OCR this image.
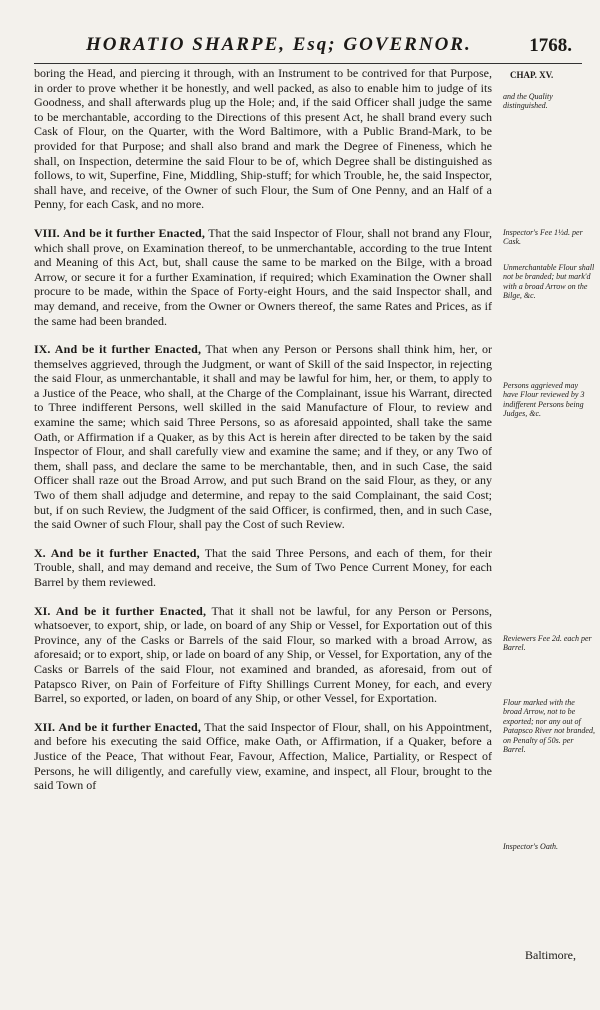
HORATIO SHARPE, Esq; GOVERNOR.	1768.
CHAP. XV.

boring the Head, and piercing it through, with an Instrument to be contrived for that Purpose, in order to prove whether it be honestly, and well packed, as also to enable him to judge of its Goodness, and shall afterwards plug up the Hole; and, if the said Officer shall judge the same to be merchantable, according to the Directions of this present Act, he shall brand every such Cask of Flour, on the Quarter, with the Word Baltimore, with a Public Brand-Mark, to be provided for that Purpose; and shall also brand and mark the Degree of Fineness, which he shall, on Inspection, determine the said Flour to be of, which Degree shall be distinguished as follows, to wit, Superfine, Fine, Middling, Ship-stuff; for which Trouble, he, the said Inspector, shall have, and receive, of the Owner of such Flour, the Sum of One Penny, and an Half of a Penny, for each Cask, and no more.

VIII. And be it further Enacted, That the said Inspector of Flour, shall not brand any Flour, which shall prove, on Examination thereof, to be unmerchantable, according to the true Intent and Meaning of this Act, but, shall cause the same to be marked on the Bilge, with a broad Arrow, or secure it for a further Examination, if required; which Examination the Owner shall procure to be made, within the Space of Forty-eight Hours, and the said Inspector shall, and may demand, and receive, from the Owner or Owners thereof, the same Rates and Prices, as if the same had been branded.

IX. And be it further Enacted, That when any Person or Persons shall think him, her, or themselves aggrieved, through the Judgment, or want of Skill of the said Inspector, in rejecting the said Flour, as unmerchantable, it shall and may be lawful for him, her, or them, to apply to a Justice of the Peace, who shall, at the Charge of the Complainant, issue his Warrant, directed to Three indifferent Persons, well skilled in the said Manufacture of Flour, to review and examine the same; which said Three Persons, so as aforesaid appointed, shall take the same Oath, or Affirmation if a Quaker, as by this Act is herein after directed to be taken by the said Inspector of Flour, and shall carefully view and examine the same; and if they, or any Two of them, shall pass, and declare the same to be merchantable, then, and in such Case, the said Officer shall raze out the Broad Arrow, and put such Brand on the said Flour, as they, or any Two of them shall adjudge and determine, and repay to the said Complainant, the said Cost; but, if on such Review, the Judgment of the said Officer, is confirmed, then, and in such Case, the said Owner of such Flour, shall pay the Cost of such Review.

X. And be it further Enacted, That the said Three Persons, and each of them, for their Trouble, shall, and may demand and receive, the Sum of Two Pence Current Money, for each Barrel by them reviewed.

XI. And be it further Enacted, That it shall not be lawful, for any Person or Persons, whatsoever, to export, ship, or lade, on board of any Ship or Vessel, for Exportation out of this Province, any of the Casks or Barrels of the said Flour, so marked with a broad Arrow, as aforesaid; or to export, ship, or lade on board of any Ship, or Vessel, for Exportation, any of the Casks or Barrels of the said Flour, not examined and branded, as aforesaid, from out of Patapsco River, on Pain of Forfeiture of Fifty Shillings Current Money, for each, and every Barrel, so exported, or laden, on board of any Ship, or other Vessel, for Exportation.

XII. And be it further Enacted, That the said Inspector of Flour, shall, on his Appointment, and before his executing the said Office, make Oath, or Affirmation, if a Quaker, before a Justice of the Peace, That without Fear, Favour, Affection, Malice, Partiality, or Respect of Persons, he will diligently, and carefully view, examine, and inspect, all Flour, brought to the said Town of

Baltimore,
and the Quality distinguished.
Inspector's Fee 1½d. per Cask.
Unmerchantable Flour shall not be branded; but mark'd with a broad Arrow on the Bilge, &c.
Persons aggrieved may have Flour reviewed by 3 indifferent Persons being Judges, &c.
Reviewers Fee 2d. each per Barrel.
Flour marked with the broad Arrow, not to be exported; nor any out of Patapsco River not branded, on Penalty of 50s. per Barrel.
Inspector's Oath.
